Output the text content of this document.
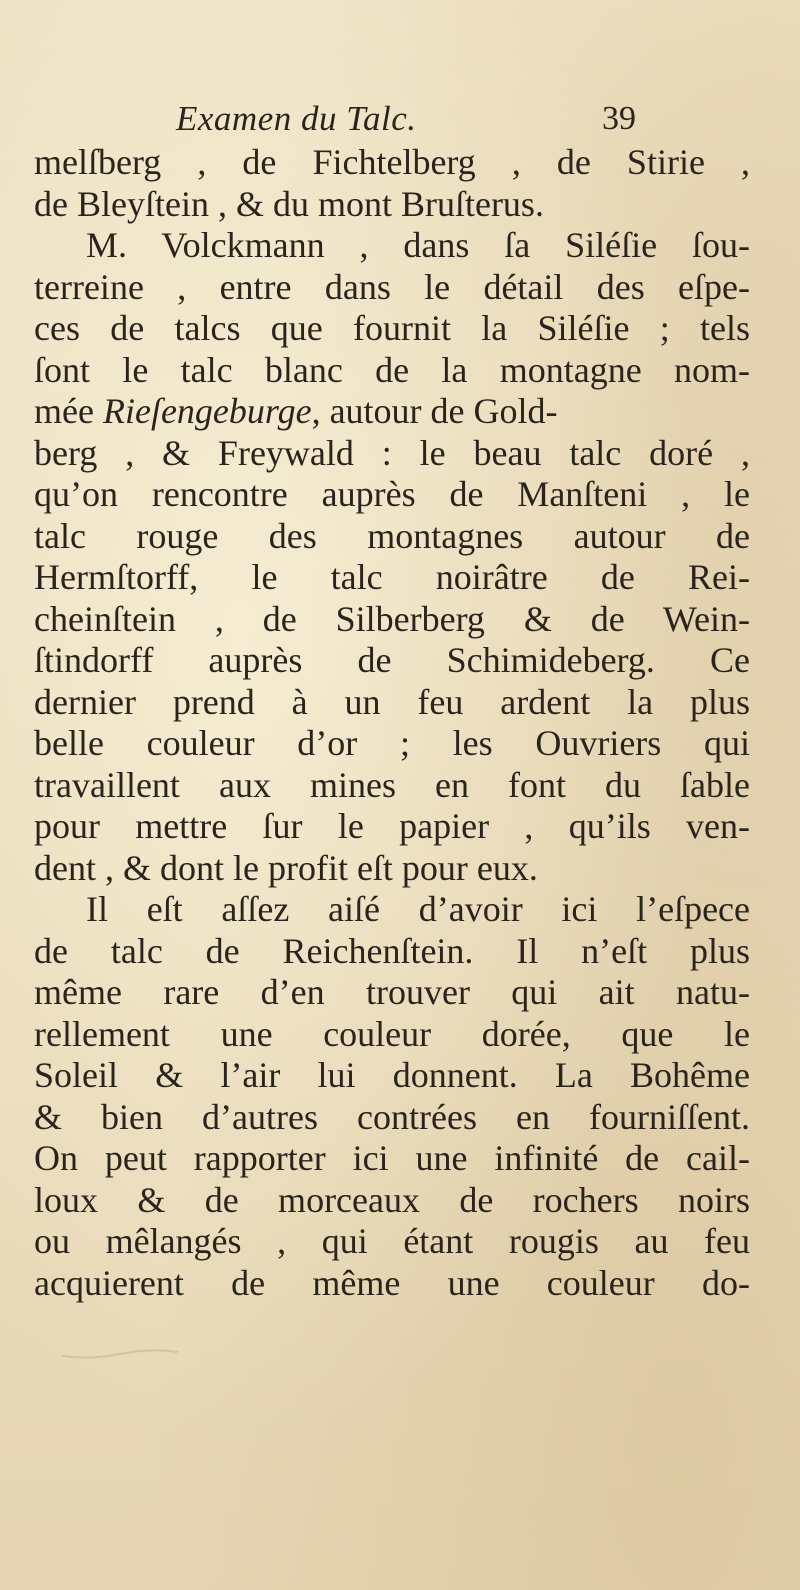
Examen du Talc.	39
melſberg , de Fichtelberg , de Stirie ,
de Bleyſtein , & du mont Bruſterus.
M. Volckmann , dans ſa Siléſie ſou-
terreine , entre dans le détail des eſpe-
ces de talcs que fournit la Siléſie ; tels
ſont le talc blanc de la montagne nom-
mée Rieſengeburge, autour de Gold-
berg , & Freywald : le beau talc doré ,
qu’on rencontre auprès de Manſteni , le
talc rouge des montagnes autour de
Hermſtorff, le talc noirâtre de Rei-
cheinſtein , de Silberberg & de Wein-
ſtindorff auprès de Schimideberg. Ce
dernier prend à un feu ardent la plus
belle couleur d’or ; les Ouvriers qui
travaillent aux mines en font du ſable
pour mettre ſur le papier , qu’ils ven-
dent , & dont le profit eſt pour eux.
Il eſt aſſez aiſé d’avoir ici l’eſpece
de talc de Reichenſtein. Il n’eſt plus
même rare d’en trouver qui ait natu-
rellement une couleur dorée, que le
Soleil & l’air lui donnent. La Bohême
& bien d’autres contrées en fourniſſent.
On peut rapporter ici une infinité de cail-
loux & de morceaux de rochers noirs
ou mêlangés , qui étant rougis au feu
acquierent de même une couleur do-
